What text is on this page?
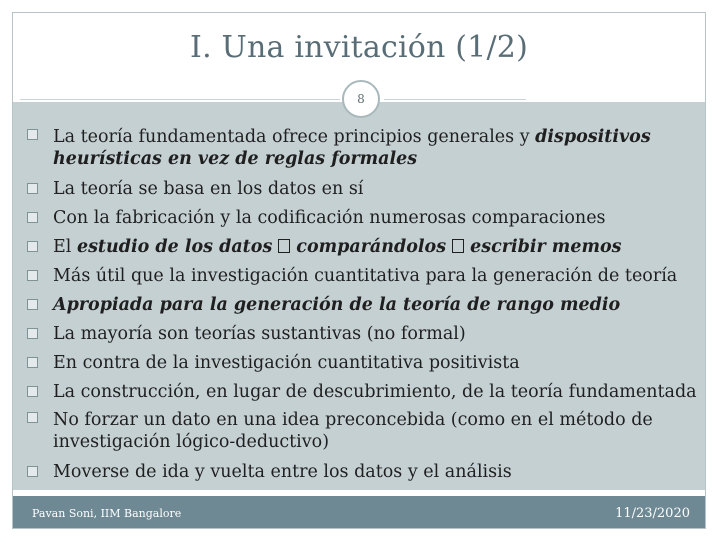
I. Una invitación (1/2)
8
La teoría fundamentada ofrece principios generales y dispositivos heurísticas en vez de reglas formales
La teoría se basa en los datos en sí
Con la fabricación y la codificación numerosas comparaciones
El estudio de los datos comparándolos escribir memos
Más útil que la investigación cuantitativa para la generación de teoría
Apropiada para la generación de la teoría de rango medio
La mayoría son teorías sustantivas (no formal)
En contra de la investigación cuantitativa positivista
La construcción, en lugar de descubrimiento, de la teoría fundamentada
No forzar un dato en una idea preconcebida (como en el método de investigación lógico-deductivo)
Moverse de ida y vuelta entre los datos y el análisis
Pavan Soni, IIM Bangalore	11/23/2020
